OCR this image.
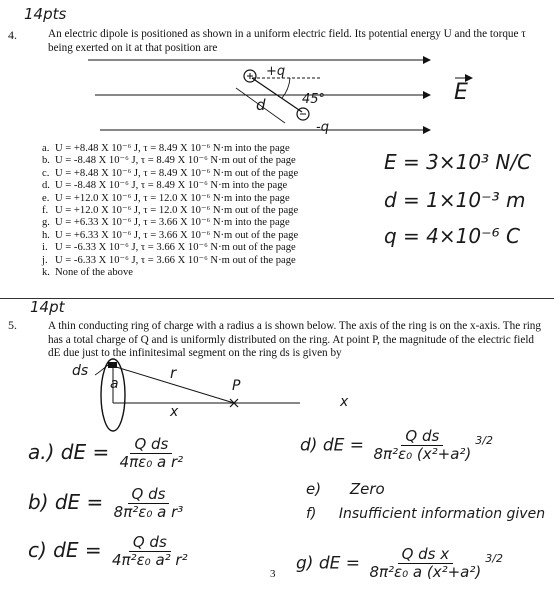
14pts
4.	An electric dipole is positioned as shown in a uniform electric field. Its potential energy U and the torque τ being exerted on it at that position are
+q
-q
d	45°	E
a. U = +8.48 X 10⁻⁶ J, τ = 8.49 X 10⁻⁶ N·m into the page
b. U = -8.48 X 10⁻⁶ J, τ = 8.49 X 10⁻⁶ N·m out of the page
c. U = +8.48 X 10⁻⁶ J, τ = 8.49 X 10⁻⁶ N·m out of the page
d. U = -8.48 X 10⁻⁶ J, τ = 8.49 X 10⁻⁶ N·m into the page
e. U = +12.0 X 10⁻⁶ J, τ = 12.0 X 10⁻⁶ N·m into the page
f. U = +12.0 X 10⁻⁶ J, τ = 12.0 X 10⁻⁶ N·m out of the page
g. U = +6.33 X 10⁻⁶ J, τ = 3.66 X 10⁻⁶ N·m into the page
h. U = +6.33 X 10⁻⁶ J, τ = 3.66 X 10⁻⁶ N·m out of the page
i. U = -6.33 X 10⁻⁶ J, τ = 3.66 X 10⁻⁶ N·m out of the page
j. U = -6.33 X 10⁻⁶ J, τ = 3.66 X 10⁻⁶ N·m out of the page
k. None of the above
E = 3×10³ N/C
d = 1×10⁻³ m
q = 4×10⁻⁶ C
14pt
5.	A thin conducting ring of charge with a radius a is shown below. The axis of the ring is on the x-axis. The ring has a total charge of Q and is uniformly distributed on the ring. At point P, the magnitude of the electric field dE due just to the infinitesimal segment on the ring ds is given by
ds
a
r
x
P
x
a.) dE = $\frac{\text{Q ds}}{\text{4πε₀ a r²}}$
b) dE = $\frac{\text{Q ds}}{\text{8π²ε₀ a r³}}$
c) dE = $\frac{\text{Q ds}}{\text{4π²ε₀ a² r²}}$
d) dE = $\frac{\text{Q ds}}{\text{8π²ε₀ (x²+a²)}} ^{3/2}$
e) Zero
f) Insufficient information given
g) dE = $\frac{\text{Q ds x}}{\text{8π²ε₀ a (x²+a²)}} ^{3/2}$
3
